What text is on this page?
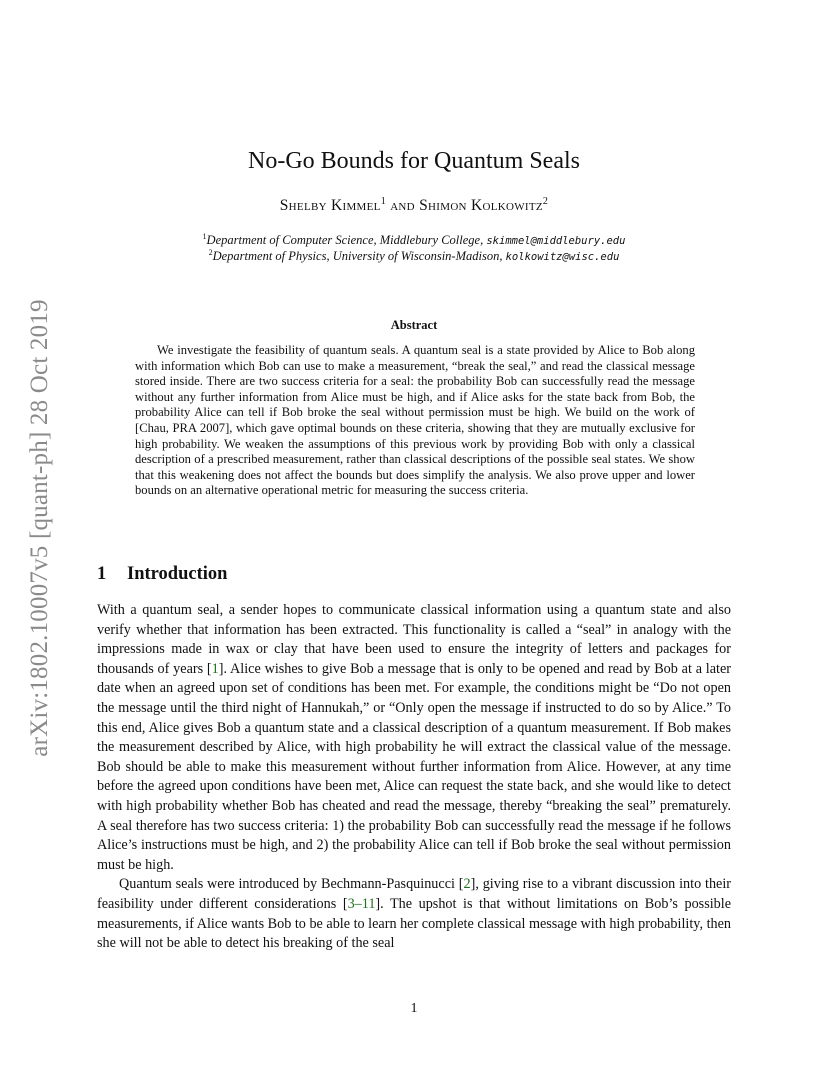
arXiv:1802.10007v5 [quant-ph] 28 Oct 2019
No-Go Bounds for Quantum Seals
Shelby Kimmel$^1$ and Shimon Kolkowitz$^2$
$^1$Department of Computer Science, Middlebury College, skimmel@middlebury.edu
$^2$Department of Physics, University of Wisconsin-Madison, kolkowitz@wisc.edu
Abstract

We investigate the feasibility of quantum seals. A quantum seal is a state provided by Alice to Bob along with information which Bob can use to make a measurement, “break the seal,” and read the classical message stored inside. There are two success criteria for a seal: the probability Bob can successfully read the message without any further information from Alice must be high, and if Alice asks for the state back from Bob, the probability Alice can tell if Bob broke the seal without permission must be high. We build on the work of [Chau, PRA 2007], which gave optimal bounds on these criteria, showing that they are mutually exclusive for high probability. We weaken the assumptions of this previous work by providing Bob with only a classical description of a prescribed measurement, rather than classical descriptions of the possible seal states. We show that this weakening does not affect the bounds but does simplify the analysis. We also prove upper and lower bounds on an alternative operational metric for measuring the success criteria.

1 Introduction

With a quantum seal, a sender hopes to communicate classical information using a quantum state and also verify whether that information has been extracted. This functionality is called a “seal” in analogy with the impressions made in wax or clay that have been used to ensure the integrity of letters and packages for thousands of years [1]. Alice wishes to give Bob a message that is only to be opened and read by Bob at a later date when an agreed upon set of conditions has been met. For example, the conditions might be “Do not open the message until the third night of Hannukah,” or “Only open the message if instructed to do so by Alice.” To this end, Alice gives Bob a quantum state and a classical description of a quantum measurement. If Bob makes the measurement described by Alice, with high probability he will extract the classical value of the message. Bob should be able to make this measurement without further information from Alice. However, at any time before the agreed upon conditions have been met, Alice can request the state back, and she would like to detect with high probability whether Bob has cheated and read the message, thereby “breaking the seal” prematurely. A seal therefore has two success criteria: 1) the probability Bob can successfully read the message if he follows Alice’s instructions must be high, and 2) the probability Alice can tell if Bob broke the seal without permission must be high.

Quantum seals were introduced by Bechmann-Pasquinucci [2], giving rise to a vibrant discussion into their feasibility under different considerations [3–11]. The upshot is that without limitations on Bob’s possible measurements, if Alice wants Bob to be able to learn her complete classical message with high probability, then she will not be able to detect his breaking of the seal

1
